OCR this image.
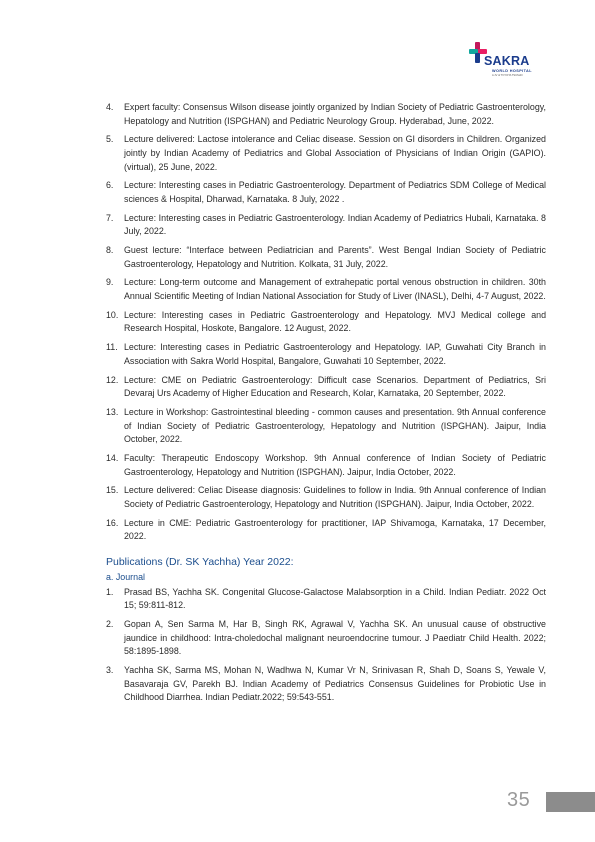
SAKRA
WORLD HOSPITAL
A JV of TOYOTA TSUSHO
4. Expert faculty: Consensus Wilson disease jointly organized by Indian Society of Pediatric Gastroenterology, Hepatology and Nutrition (ISPGHAN) and Pediatric Neurology Group. Hyderabad, June, 2022.
5. Lecture delivered: Lactose intolerance and Celiac disease. Session on GI disorders in Children. Organized jointly by Indian Academy of Pediatrics and Global Association of Physicians of Indian Origin (GAPIO). (virtual), 25 June, 2022.
6. Lecture: Interesting cases in Pediatric Gastroenterology. Department of Pediatrics SDM College of Medical sciences & Hospital, Dharwad, Karnataka. 8 July, 2022 .
7. Lecture: Interesting cases in Pediatric Gastroenterology. Indian Academy of Pediatrics Hubali, Karnataka. 8 July, 2022.
8. Guest lecture: “Interface between Pediatrician and Parents”. West Bengal Indian Society of Pediatric Gastroenterology, Hepatology and Nutrition. Kolkata, 31 July, 2022.
9. Lecture: Long-term outcome and Management of extrahepatic portal venous obstruction in children. 30th Annual Scientific Meeting of Indian National Association for Study of Liver (INASL), Delhi, 4-7 August, 2022.
10. Lecture: Interesting cases in Pediatric Gastroenterology and Hepatology. MVJ Medical college and Research Hospital, Hoskote, Bangalore. 12 August, 2022.
11. Lecture: Interesting cases in Pediatric Gastroenterology and Hepatology. IAP, Guwahati City Branch in Association with Sakra World Hospital, Bangalore, Guwahati 10 September, 2022.
12. Lecture: CME on Pediatric Gastroenterology: Difficult case Scenarios. Department of Pediatrics, Sri Devaraj Urs Academy of Higher Education and Research, Kolar, Karnataka, 20 September, 2022.
13. Lecture in Workshop: Gastrointestinal bleeding - common causes and presentation. 9th Annual conference of Indian Society of Pediatric Gastroenterology, Hepatology and Nutrition (ISPGHAN). Jaipur, India October, 2022.
14. Faculty: Therapeutic Endoscopy Workshop. 9th Annual conference of Indian Society of Pediatric Gastroenterology, Hepatology and Nutrition (ISPGHAN). Jaipur, India October, 2022.
15. Lecture delivered: Celiac Disease diagnosis: Guidelines to follow in India. 9th Annual conference of Indian Society of Pediatric Gastroenterology, Hepatology and Nutrition (ISPGHAN). Jaipur, India October, 2022.
16. Lecture in CME: Pediatric Gastroenterology for practitioner, IAP Shivamoga, Karnataka, 17 December, 2022.
Publications (Dr. SK Yachha) Year 2022:
a. Journal
1. Prasad BS, Yachha SK. Congenital Glucose-Galactose Malabsorption in a Child. Indian Pediatr. 2022 Oct 15; 59:811-812.
2. Gopan A, Sen Sarma M, Har B, Singh RK, Agrawal V, Yachha SK. An unusual cause of obstructive jaundice in childhood: Intra-choledochal malignant neuroendocrine tumour. J Paediatr Child Health. 2022; 58:1895-1898.
3. Yachha SK, Sarma MS, Mohan N, Wadhwa N, Kumar Vr N, Srinivasan R, Shah D, Soans S, Yewale V, Basavaraja GV, Parekh BJ. Indian Academy of Pediatrics Consensus Guidelines for Probiotic Use in Childhood Diarrhea. Indian Pediatr.2022; 59:543-551.
35
